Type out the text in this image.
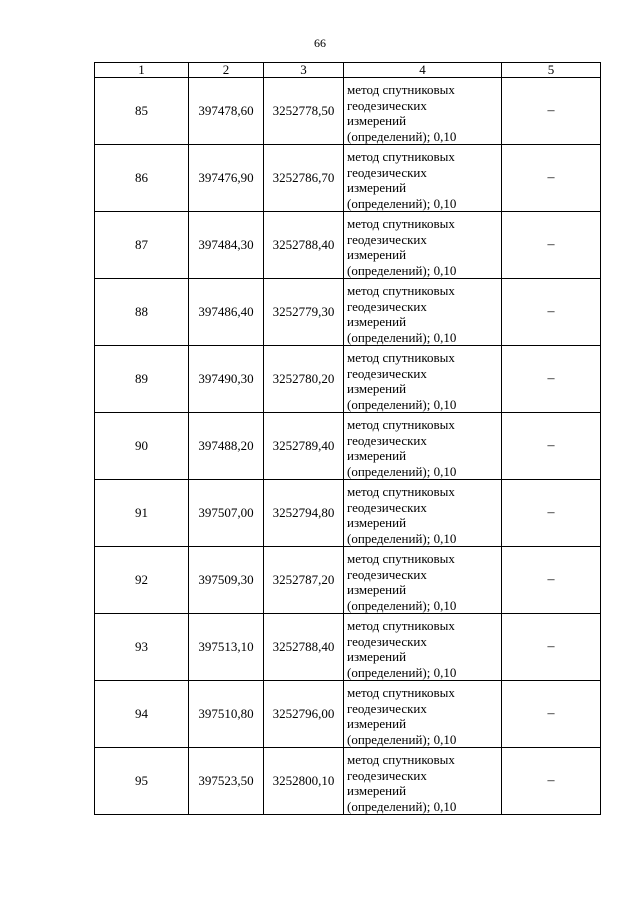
66
1	2	3	4	5
85	397478,60	3252778,50	метод спутниковых
геодезических
измерений
(определений); 0,10	–
86	397476,90	3252786,70	метод спутниковых
геодезических
измерений
(определений); 0,10	–
87	397484,30	3252788,40	метод спутниковых
геодезических
измерений
(определений); 0,10	–
88	397486,40	3252779,30	метод спутниковых
геодезических
измерений
(определений); 0,10	–
89	397490,30	3252780,20	метод спутниковых
геодезических
измерений
(определений); 0,10	–
90	397488,20	3252789,40	метод спутниковых
геодезических
измерений
(определений); 0,10	–
91	397507,00	3252794,80	метод спутниковых
геодезических
измерений
(определений); 0,10	–
92	397509,30	3252787,20	метод спутниковых
геодезических
измерений
(определений); 0,10	–
93	397513,10	3252788,40	метод спутниковых
геодезических
измерений
(определений); 0,10	–
94	397510,80	3252796,00	метод спутниковых
геодезических
измерений
(определений); 0,10	–
95	397523,50	3252800,10	метод спутниковых
геодезических
измерений
(определений); 0,10	–
